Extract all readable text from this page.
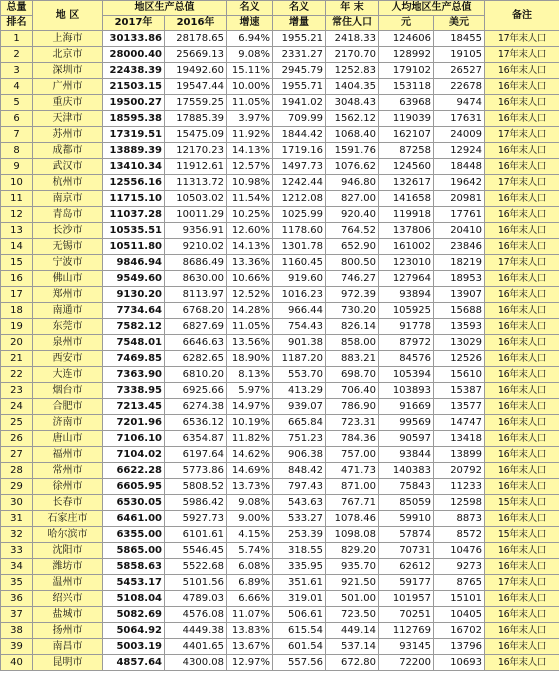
总量	地 区	地区生产总值		名义	名义	年 末	人均地区生产总值		备注
排名		2017年	2016年	增速	增量	常住人口	元	美元	
1	上海市	30133.86	28178.65	6.94%	1955.21	2418.33	124606	18455	17年末人口
2	北京市	28000.40	25669.13	9.08%	2331.27	2170.70	128992	19105	17年末人口
3	深圳市	22438.39	19492.60	15.11%	2945.79	1252.83	179102	26527	16年末人口
4	广州市	21503.15	19547.44	10.00%	1955.71	1404.35	153118	22678	16年末人口
5	重庆市	19500.27	17559.25	11.05%	1941.02	3048.43	63968	9474	16年末人口
6	天津市	18595.38	17885.39	3.97%	709.99	1562.12	119039	17631	16年末人口
7	苏州市	17319.51	15475.09	11.92%	1844.42	1068.40	162107	24009	17年末人口
8	成都市	13889.39	12170.23	14.13%	1719.16	1591.76	87258	12924	16年末人口
9	武汉市	13410.34	11912.61	12.57%	1497.73	1076.62	124560	18448	16年末人口
10	杭州市	12556.16	11313.72	10.98%	1242.44	946.80	132617	19642	17年末人口
11	南京市	11715.10	10503.02	11.54%	1212.08	827.00	141658	20981	16年末人口
12	青岛市	11037.28	10011.29	10.25%	1025.99	920.40	119918	17761	16年末人口
13	长沙市	10535.51	9356.91	12.60%	1178.60	764.52	137806	20410	16年末人口
14	无锡市	10511.80	9210.02	14.13%	1301.78	652.90	161002	23846	16年末人口
15	宁波市	9846.94	8686.49	13.36%	1160.45	800.50	123010	18219	17年末人口
16	佛山市	9549.60	8630.00	10.66%	919.60	746.27	127964	18953	16年末人口
17	郑州市	9130.20	8113.97	12.52%	1016.23	972.39	93894	13907	16年末人口
18	南通市	7734.64	6768.20	14.28%	966.44	730.20	105925	15688	16年末人口
19	东莞市	7582.12	6827.69	11.05%	754.43	826.14	91778	13593	16年末人口
20	泉州市	7548.01	6646.63	13.56%	901.38	858.00	87972	13029	16年末人口
21	西安市	7469.85	6282.65	18.90%	1187.20	883.21	84576	12526	16年末人口
22	大连市	7363.90	6810.20	8.13%	553.70	698.70	105394	15610	16年末人口
23	烟台市	7338.95	6925.66	5.97%	413.29	706.40	103893	15387	16年末人口
24	合肥市	7213.45	6274.38	14.97%	939.07	786.90	91669	13577	16年末人口
25	济南市	7201.96	6536.12	10.19%	665.84	723.31	99569	14747	16年末人口
26	唐山市	7106.10	6354.87	11.82%	751.23	784.36	90597	13418	16年末人口
27	福州市	7104.02	6197.64	14.62%	906.38	757.00	93844	13899	16年末人口
28	常州市	6622.28	5773.86	14.69%	848.42	471.73	140383	20792	16年末人口
29	徐州市	6605.95	5808.52	13.73%	797.43	871.00	75843	11233	16年末人口
30	长春市	6530.05	5986.42	9.08%	543.63	767.71	85059	12598	15年末人口
31	石家庄市	6461.00	5927.73	9.00%	533.27	1078.46	59910	8873	16年末人口
32	哈尔滨市	6355.00	6101.61	4.15%	253.39	1098.08	57874	8572	15年末人口
33	沈阳市	5865.00	5546.45	5.74%	318.55	829.20	70731	10476	16年末人口
34	潍坊市	5858.63	5522.68	6.08%	335.95	935.70	62612	9273	16年末人口
35	温州市	5453.17	5101.56	6.89%	351.61	921.50	59177	8765	17年末人口
36	绍兴市	5108.04	4789.03	6.66%	319.01	501.00	101957	15101	16年末人口
37	盐城市	5082.69	4576.08	11.07%	506.61	723.50	70251	10405	16年末人口
38	扬州市	5064.92	4449.38	13.83%	615.54	449.14	112769	16702	16年末人口
39	南昌市	5003.19	4401.65	13.67%	601.54	537.14	93145	13796	16年末人口
40	昆明市	4857.64	4300.08	12.97%	557.56	672.80	72200	10693	16年末人口
